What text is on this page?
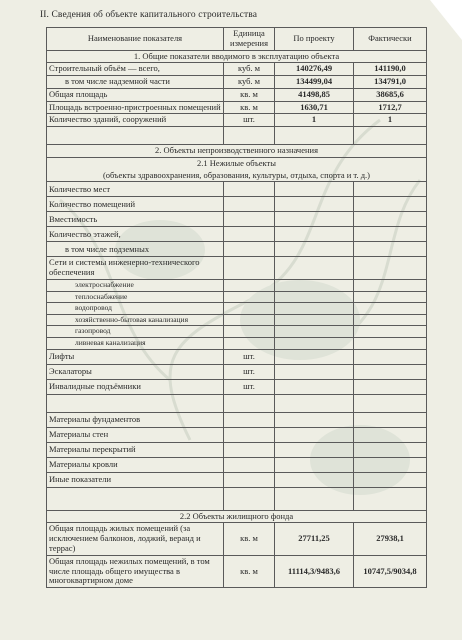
II. Сведения об объекте капитального строительства
Наименование показателя	Единица измерения	По проекту	Фактически
1. Общие показатели вводимого в эксплуатацию объекта			
Строительный объём — всего,	куб. м	140276,49	141190,0
в том числе надземной части	куб. м	134499,04	134791,0
Общая площадь	кв. м	41498,85	38685,6
Площадь встроенно-пристроенных помещений	кв. м	1630,71	1712,7
Количество зданий, сооружений	шт.	1	1

2. Объекты непроизводственного назначения			
2.1 Нежилые объекты			
(объекты здравоохранения, образования, культуры, отдыха, спорта и т. д.)			
Количество мест			
Количество помещений			
Вместимость			
Количество этажей,			
в том числе подземных			
Сети и системы инженерно-технического обеспечения			
электроснабжение			
теплоснабжение			
водопровод			
хозяйственно-бытовая канализация			
газопровод			
ливневая канализация			
Лифты	шт.		
Эскалаторы	шт.		
Инвалидные подъёмники	шт.		

Материалы фундаментов			
Материалы стен			
Материалы перекрытий			
Материалы кровли			
Иные показатели			

2.2 Объекты жилищного фонда			
Общая площадь жилых помещений (за исключением балконов, лоджий, веранд и террас)	кв. м	27711,25	27938,1
Общая площадь нежилых помещений, в том числе площадь общего имущества в многоквартирном доме	кв. м	11114,3/9483,6	10747,5/9034,8
